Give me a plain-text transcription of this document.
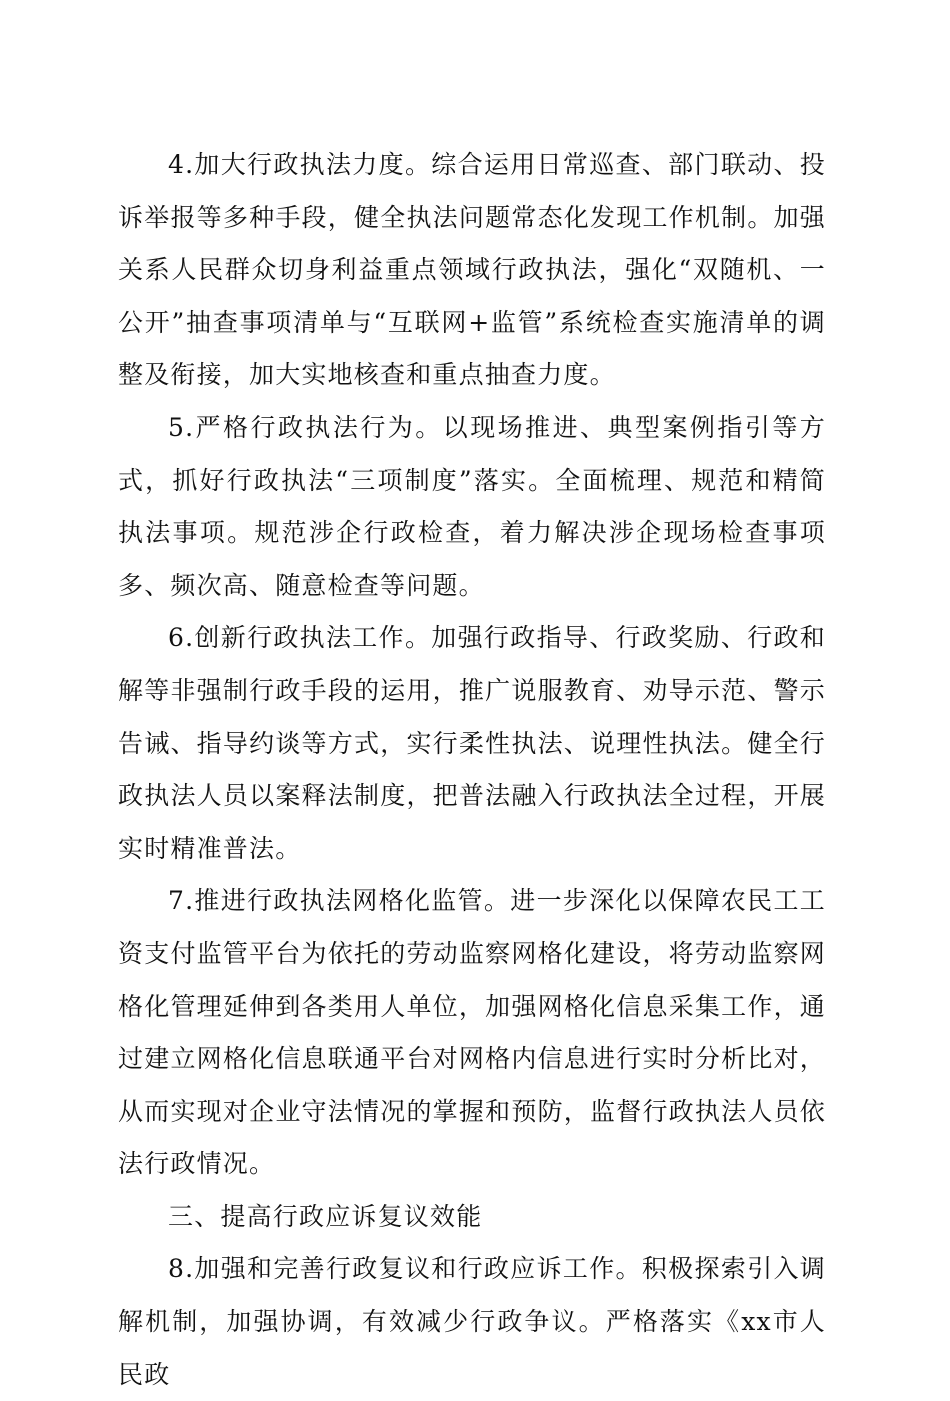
4.加大行政执法力度。综合运用日常巡查、部门联动、投诉举报等多种手段，健全执法问题常态化发现工作机制。加强关系人民群众切身利益重点领域行政执法，强化“双随机、一公开”抽查事项清单与“互联网+监管”系统检查实施清单的调整及衔接，加大实地核查和重点抽查力度。

5.严格行政执法行为。以现场推进、典型案例指引等方式，抓好行政执法“三项制度”落实。全面梳理、规范和精简执法事项。规范涉企行政检查，着力解决涉企现场检查事项多、频次高、随意检查等问题。

6.创新行政执法工作。加强行政指导、行政奖励、行政和解等非强制行政手段的运用，推广说服教育、劝导示范、警示告诫、指导约谈等方式，实行柔性执法、说理性执法。健全行政执法人员以案释法制度，把普法融入行政执法全过程，开展实时精准普法。

7.推进行政执法网格化监管。进一步深化以保障农民工工资支付监管平台为依托的劳动监察网格化建设，将劳动监察网格化管理延伸到各类用人单位，加强网格化信息采集工作，通过建立网格化信息联通平台对网格内信息进行实时分析比对，从而实现对企业守法情况的掌握和预防，监督行政执法人员依法行政情况。

三、提高行政应诉复议效能

8.加强和完善行政复议和行政应诉工作。积极探索引入调解机制，加强协调，有效减少行政争议。严格落实《xx市人民政
